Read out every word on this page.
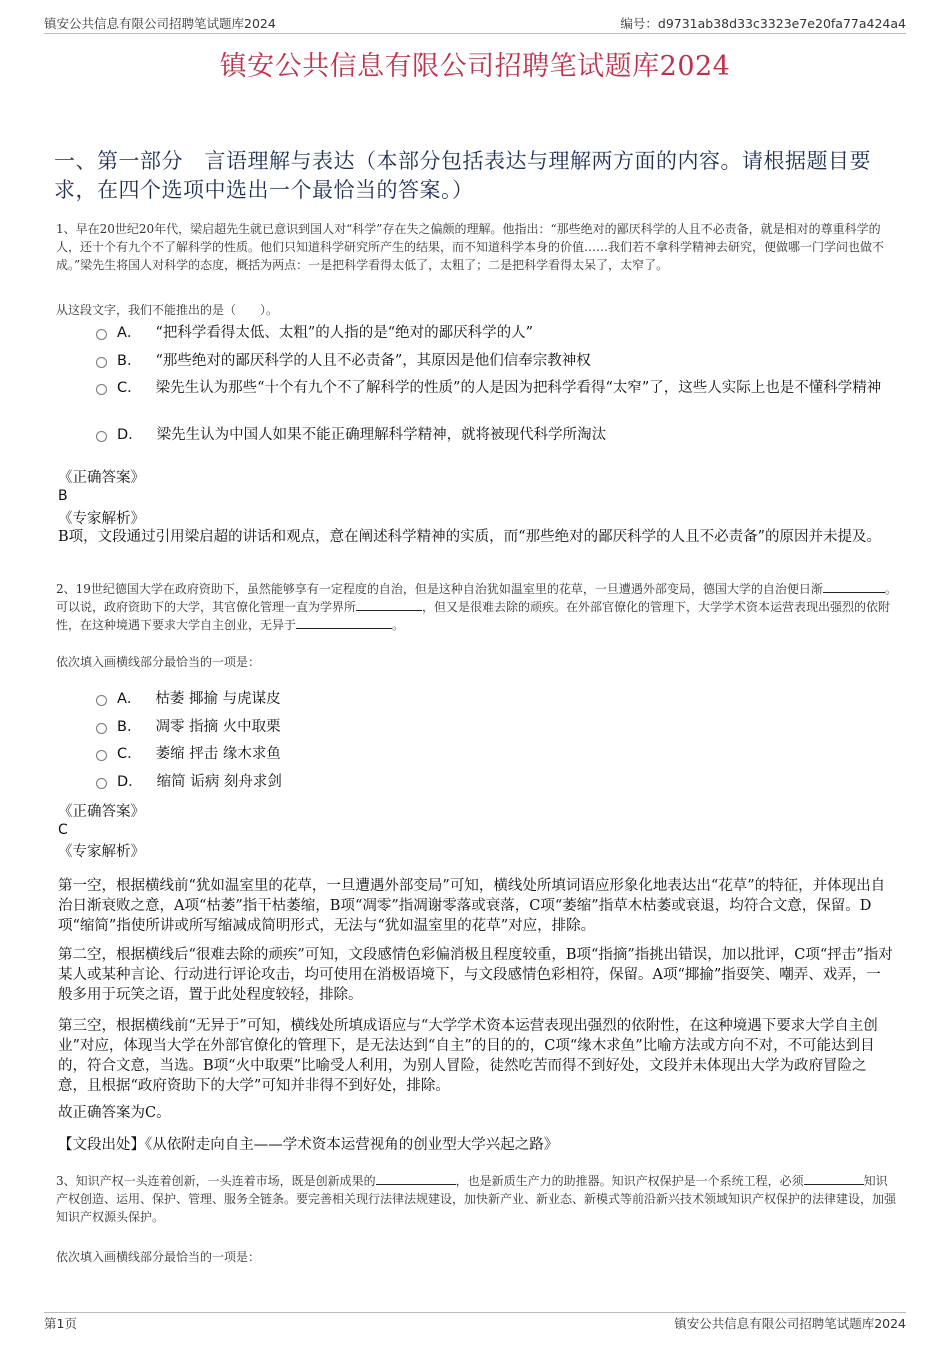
镇安公共信息有限公司招聘笔试题库2024	编号：d9731ab38d33c3323e7e20fa77a424a4
镇安公共信息有限公司招聘笔试题库2024
一、第一部分　言语理解与表达（本部分包括表达与理解两方面的内容。请根据题目要求，在四个选项中选出一个最恰当的答案。）
1、早在20世纪20年代，梁启超先生就已意识到国人对“科学”存在失之偏颇的理解。他指出：“那些绝对的鄙厌科学的人且不必责备，就是相对的尊重科学的人，还十个有九个不了解科学的性质。他们只知道科学研究所产生的结果，而不知道科学本身的价值……我们若不拿科学精神去研究，便做哪一门学问也做不成。”梁先生将国人对科学的态度，概括为两点：一是把科学看得太低了，太粗了；二是把科学看得太呆了，太窄了。
从这段文字，我们不能推出的是（　　）。
A． “把科学看得太低、太粗”的人指的是“绝对的鄙厌科学的人”
B． “那些绝对的鄙厌科学的人且不必责备”，其原因是他们信奉宗教神权
C． 梁先生认为那些“十个有九个不了解科学的性质”的人是因为把科学看得“太窄”了，这些人实际上也是不懂科学精神
D． 梁先生认为中国人如果不能正确理解科学精神，就将被现代科学所淘汰
《正确答案》
B
《专家解析》
B项，文段通过引用梁启超的讲话和观点，意在阐述科学精神的实质，而“那些绝对的鄙厌科学的人且不必责备”的原因并未提及。
2、19世纪德国大学在政府资助下，虽然能够享有一定程度的自治，但是这种自治犹如温室里的花草，一旦遭遇外部变局，德国大学的自治便日渐	。可以说，政府资助下的大学，其官僚化管理一直为学界所	，但又是很难去除的顽疾。在外部官僚化的管理下，大学学术资本运营表现出强烈的依附性，在这种境遇下要求大学自主创业，无异于	。
依次填入画横线部分最恰当的一项是：
A． 枯萎 揶揄 与虎谋皮
B． 凋零 指摘 火中取栗
C． 萎缩 抨击 缘木求鱼
D． 缩简 诟病 刻舟求剑
《正确答案》
C
《专家解析》
第一空，根据横线前“犹如温室里的花草，一旦遭遇外部变局”可知，横线处所填词语应形象化地表达出“花草”的特征，并体现出自治日渐衰败之意，A项“枯萎”指干枯萎缩，B项“凋零”指凋谢零落或衰落，C项“萎缩”指草木枯萎或衰退，均符合文意，保留。D项“缩简”指使所讲或所写缩减成简明形式，无法与“犹如温室里的花草”对应，排除。
第二空，根据横线后“很难去除的顽疾”可知，文段感情色彩偏消极且程度较重，B项“指摘”指挑出错误，加以批评，C项“抨击”指对某人或某种言论、行动进行评论攻击，均可使用在消极语境下，与文段感情色彩相符，保留。A项“揶揄”指耍笑、嘲弄、戏弄，一般多用于玩笑之语，置于此处程度较轻，排除。
第三空，根据横线前“无异于”可知，横线处所填成语应与“大学学术资本运营表现出强烈的依附性，在这种境遇下要求大学自主创业”对应，体现当大学在外部官僚化的管理下，是无法达到“自主”的目的的，C项“缘木求鱼”比喻方法或方向不对，不可能达到目的，符合文意，当选。B项“火中取栗”比喻受人利用，为别人冒险，徒然吃苦而得不到好处，文段并未体现出大学为政府冒险之意，且根据“政府资助下的大学”可知并非得不到好处，排除。
故正确答案为C。
【文段出处】《从依附走向自主——学术资本运营视角的创业型大学兴起之路》
3、知识产权一头连着创新，一头连着市场，既是创新成果的	，也是新质生产力的助推器。知识产权保护是一个系统工程，必须	知识产权创造、运用、保护、管理、服务全链条。要完善相关现行法律法规建设，加快新产业、新业态、新模式等前沿新兴技术领域知识产权保护的法律建设，加强知识产权源头保护。
依次填入画横线部分最恰当的一项是：
第1页	镇安公共信息有限公司招聘笔试题库2024
